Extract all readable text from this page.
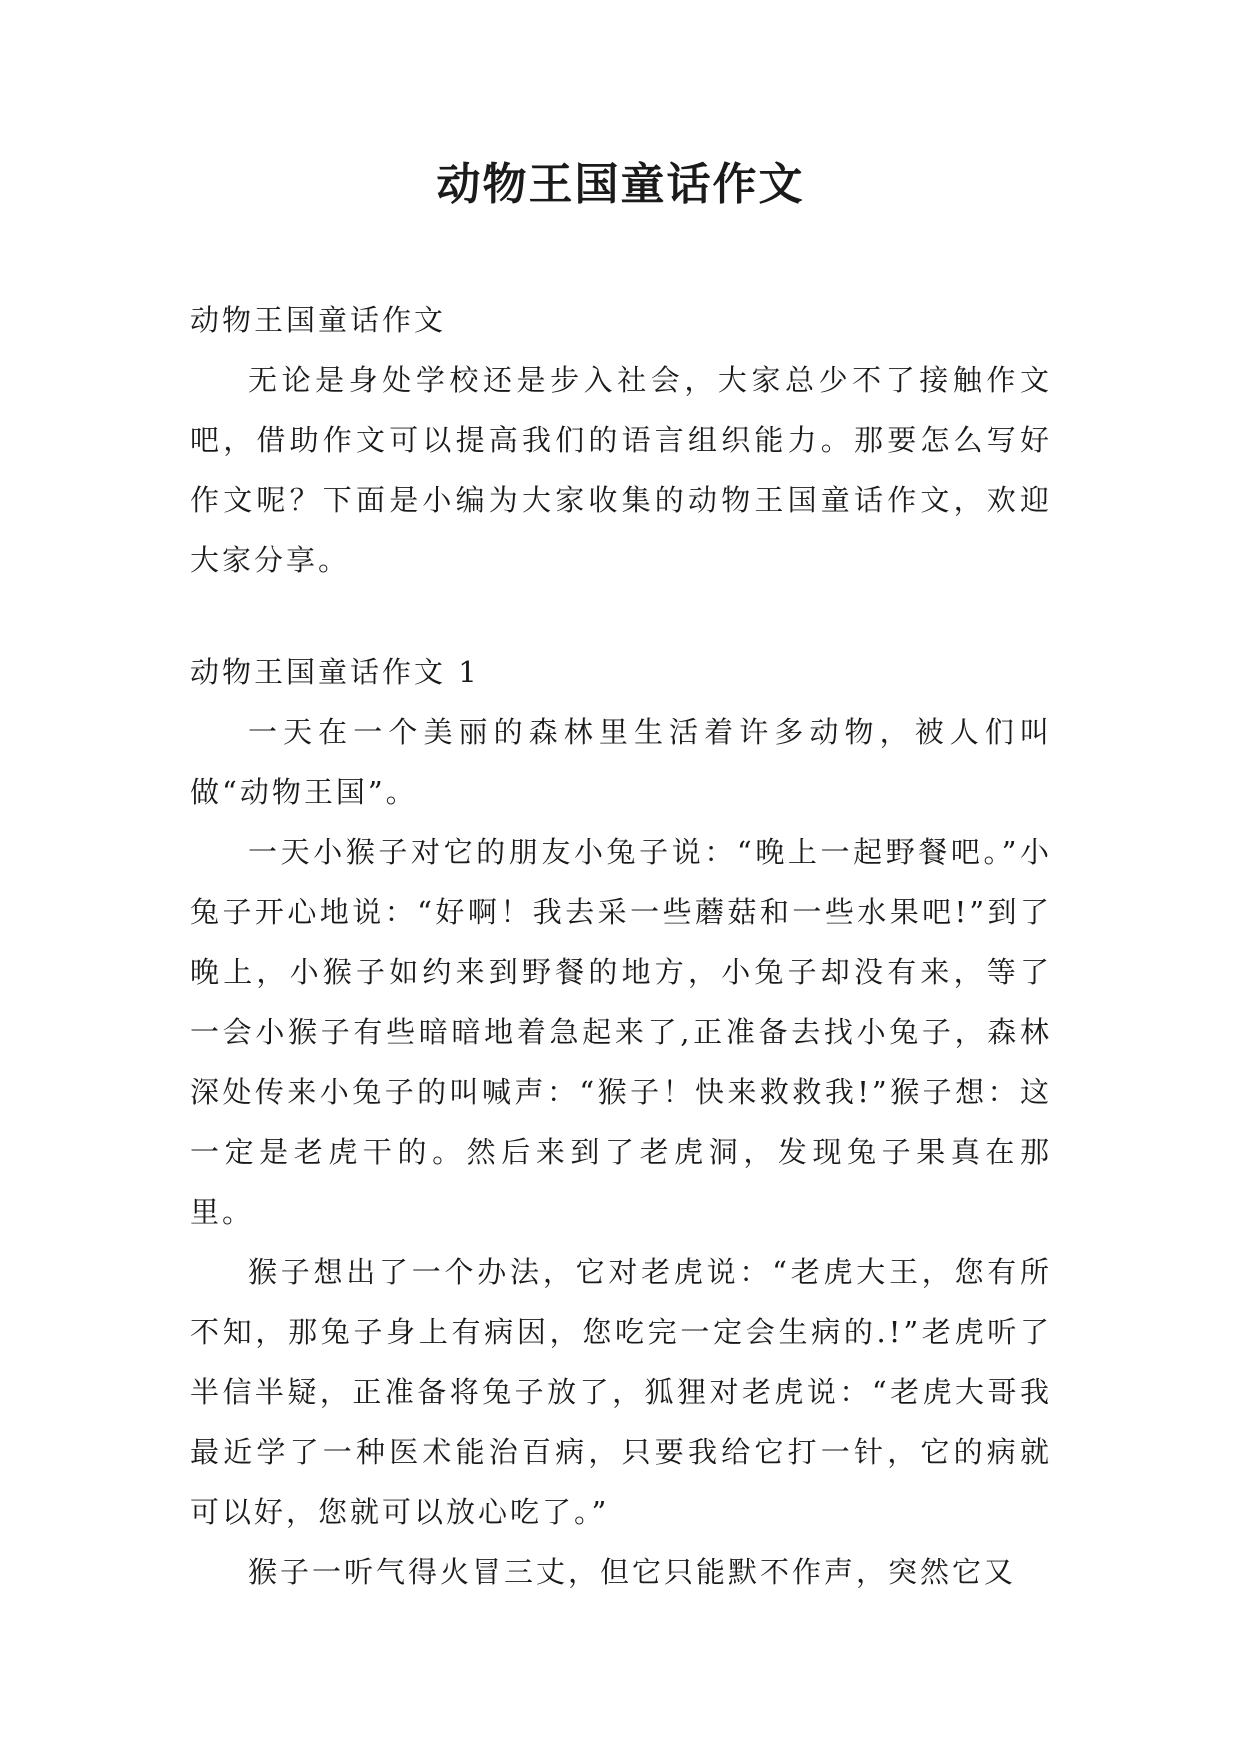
动物王国童话作文

动物王国童话作文

无论是身处学校还是步入社会，大家总少不了接触作文吧，借助作文可以提高我们的语言组织能力。那要怎么写好作文呢？下面是小编为大家收集的动物王国童话作文，欢迎大家分享。

动物王国童话作文 1

一天在一个美丽的森林里生活着许多动物，被人们叫做“动物王国”。

一天小猴子对它的朋友小兔子说：“晚上一起野餐吧。”小兔子开心地说：“好啊！我去采一些蘑菇和一些水果吧!”到了晚上，小猴子如约来到野餐的地方，小兔子却没有来，等了一会小猴子有些暗暗地着急起来了,正准备去找小兔子，森林深处传来小兔子的叫喊声：“猴子！快来救救我!”猴子想：这一定是老虎干的。然后来到了老虎洞，发现兔子果真在那里。

猴子想出了一个办法，它对老虎说：“老虎大王，您有所不知，那兔子身上有病因，您吃完一定会生病的.!”老虎听了半信半疑，正准备将兔子放了，狐狸对老虎说：“老虎大哥我最近学了一种医术能治百病，只要我给它打一针，它的病就可以好，您就可以放心吃了。”

猴子一听气得火冒三丈，但它只能默不作声，突然它又
